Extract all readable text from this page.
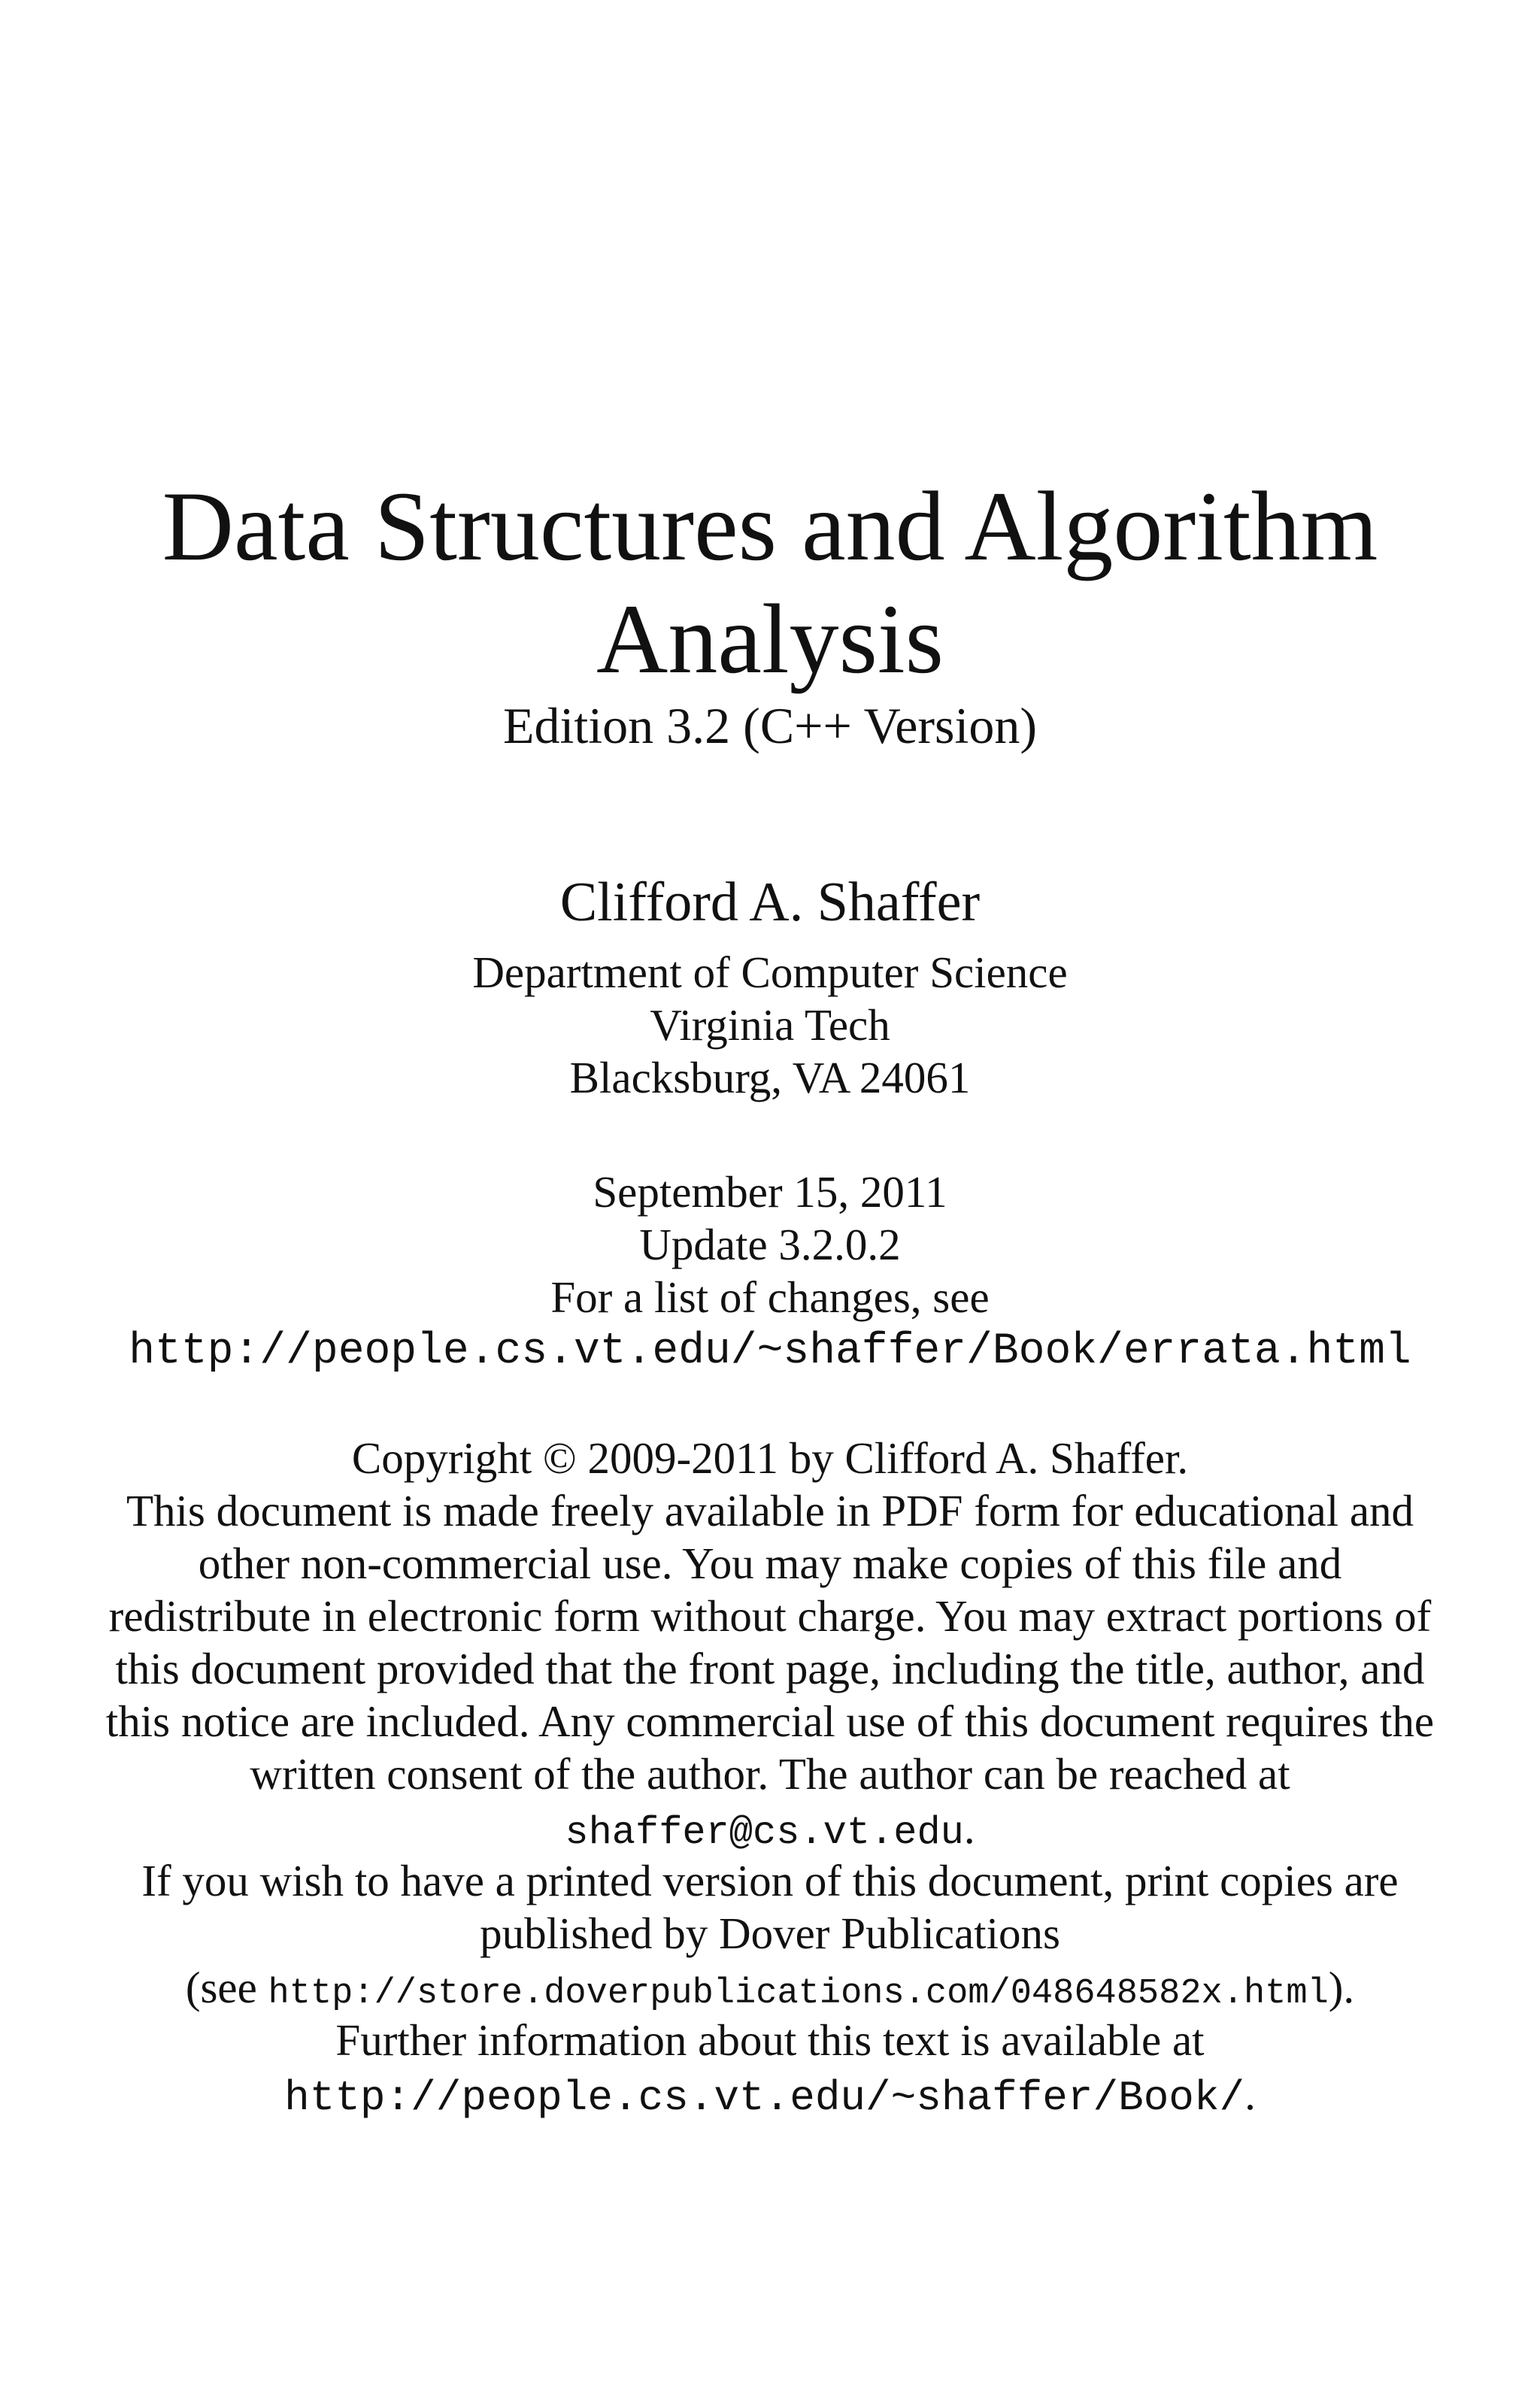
Data Structures and Algorithm
Analysis
Edition 3.2 (C++ Version)
Clifford A. Shaffer
Department of Computer Science
Virginia Tech
Blacksburg, VA 24061
September 15, 2011
Update 3.2.0.2
For a list of changes, see
http://people.cs.vt.edu/~shaffer/Book/errata.html
Copyright © 2009-2011 by Clifford A. Shaffer.
This document is made freely available in PDF form for educational and
other non-commercial use. You may make copies of this file and
redistribute in electronic form without charge. You may extract portions of
this document provided that the front page, including the title, author, and
this notice are included. Any commercial use of this document requires the
written consent of the author. The author can be reached at
shaffer@cs.vt.edu.
If you wish to have a printed version of this document, print copies are
published by Dover Publications
(see http://store.doverpublications.com/048648582x.html).
Further information about this text is available at
http://people.cs.vt.edu/~shaffer/Book/.
